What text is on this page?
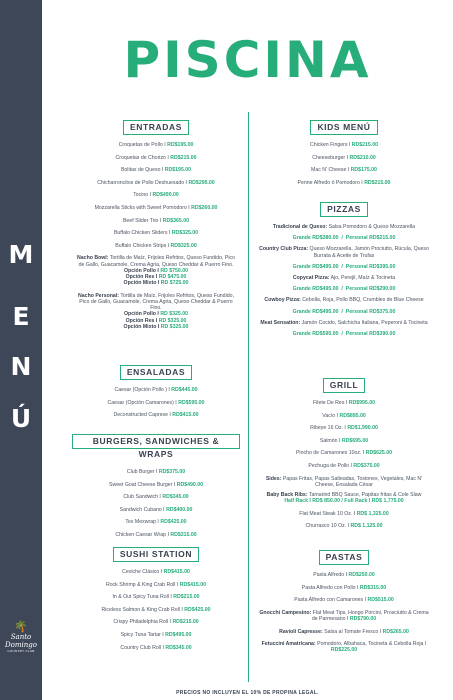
M
E
N
Ú
🌴
Santo Domingo
COUNTRY CLUB
PISCINA
ENTRADAS
Croquetas de Pollo I RD$195.00
Croquetas de Chorizo I RD$215.00
Bolitas de Queso I RD$195.00
Chicharroncitos de Pollo Deshuesado I RD$295.00
Tocino I RD$490.00
Mozzarella Sticks with Sweet Pomodoro I RD$260.00
Beef Slider Trio I RD$365.00
Buffalo Chicken Sliders I RD$325.00
Buffalo Chicken Strips I RD$325.00
Nacho Bowl: Tortilla de Maíz, Frijoles Refritos, Queso Fundido, Pico de Gallo, Guacamole, Crema Agria, Queso Cheddar & Puerro Fino.
Opción Pollo I RD $750.00
Opción Res I RD $475.00
Opción Mixto I RD $725.00
Nacho Personal: Tortilla de Maíz, Frijoles Refritos, Queso Fundido, Pico de Gallo, Guacamole, Crema Agria, Queso Cheddar & Puerro Fino.
Opción Pollo I RD $325.00
Opción Res I RD $325.00
Opción Mixto I RD $325.00
ENSALADAS
Caesar (Opción Pollo ) I RD$445.00
Caesar (Opción Camarones) I RD$595.00
Deconstructed Caprese I RD$415.00
BURGERS, SANDWICHES & WRAPS
Club Burger I RD$375.00
Sweet Goat Cheese Burger I RD$490.00
Club Sandwich I RD$345.00
Sandwich Cubano I RD$400.00
Tex Mexwrap I RD$425.00
Chicken Caesar Wrap I RD$315.00
SUSHI STATION
Ceviche Clásico I RD$415.00
Rock Shrimp & King Crab Roll I RD$415.00
In & Out Spicy Tuna Roll I RD$215.00
Riceless Salmon & King Crab Roll I RD$425.00
Crispy Philadelphia Roll I RD$215.00
Spicy Tuna Tartar I RD$495.00
Country Club Roll I RD$345.00
KIDS MENÚ
Chicken Fingers I RD$215.00
Cheeseburger I RD$210.00
Mac N' Cheese I RD$175.00
Penne Alfredo ó Pomodoro I RD$215.00
PIZZAS
Tradicional de Queso: Salsa Pomodoro & Queso Mozzarella
Grande RD$380.00  /  Personal RD$215.00
Country Club Pizza: Queso Mozzarella, Jamón Prociutto, Rúcula, Queso Burrata & Aceite de Trufas
Grande RD$495.00  /  Personal RD$395.00
Copycat Pizza: Ajo, Perejil, Maíz & Tocineta
Grande RD$495.00  /  Personal RD$290.00
Cowboy Pizza: Cebolla, Roja, Pollo BBQ, Crumbles de Blue Cheese
Grande RD$495.00  /  Personal RD$375.00
Meat Sensation: Jamón Cocido, Salchicha Italiana, Peperoni & Tocineta
Grande RD$595.00  /  Personal RD$390.00
GRILL
Filete De Res I RD$995.00
Vacío I RD$895.00
Ribeye 16 Oz. I RD$1,990.00
Salmón I RD$695.00
Pincho de Camarones 10oz. I RD$625.00
Pechuga de Pollo I RD$375.00
Sides: Papas Fritas, Papas Salteadas, Tostones, Vegetales, Mac N' Cheese, Ensalada César
Baby Back Ribs: Tamarind BBQ Sauce, Papitas fritas & Cole Slaw
Half Rack I RD$ 850.00 / Full Rack I RD$ 1,775.00
Flat Meat Steak 10 Oz. I RD$ 1,325.00
Churrasco 10 Oz. I RD$ 1,125.00
PASTAS
Pasta Alfredo I RD$250.00
Pasta Alfredo con Pollo I RD$315.00
Pasta Alfredo con Camarones I RD$515.00
Gnocchi Campesino: Flat Meat Tips, Hongo Porcini, Prosciutto & Crema de Parmesano I RD$790.00
Ravioli Capresse: Salsa al Tomate Fresco I RD$265.00
Fetuccini Amatricana: Pomodoro, Albahaca, Tocineta & Cebolla Roja I RD$225.00
PRECIOS NO INCLUYEN EL 10% DE PROPINA LEGAL.
